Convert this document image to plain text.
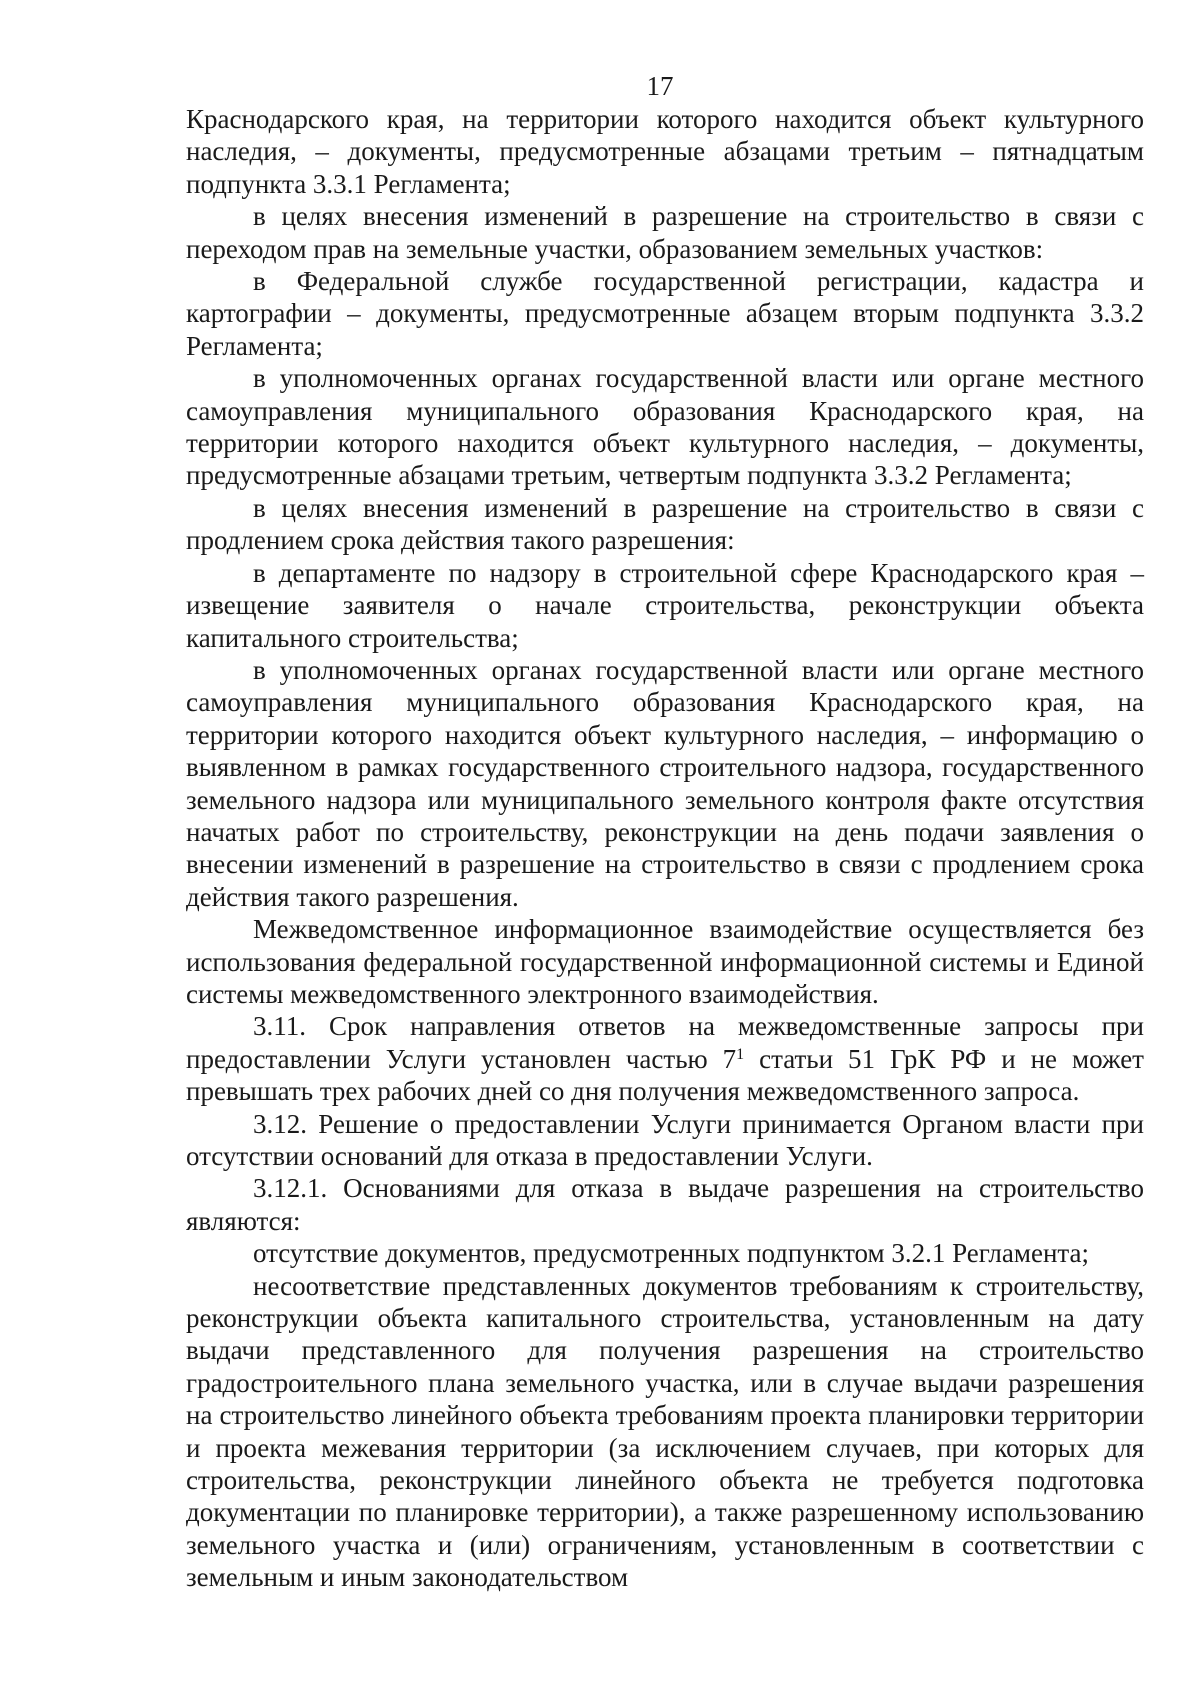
17

Краснодарского края, на территории которого находится объект культурного наследия, – документы, предусмотренные абзацами третьим – пятнадцатым подпункта 3.3.1 Регламента;

в целях внесения изменений в разрешение на строительство в связи с переходом прав на земельные участки, образованием земельных участков:

в Федеральной службе государственной регистрации, кадастра и картографии – документы, предусмотренные абзацем вторым подпункта 3.3.2 Регламента;

в уполномоченных органах государственной власти или органе местного самоуправления муниципального образования Краснодарского края, на территории которого находится объект культурного наследия, – документы, предусмотренные абзацами третьим, четвертым подпункта 3.3.2 Регламента;

в целях внесения изменений в разрешение на строительство в связи с продлением срока действия такого разрешения:

в департаменте по надзору в строительной сфере Краснодарского края – извещение заявителя о начале строительства, реконструкции объекта капитального строительства;

в уполномоченных органах государственной власти или органе местного самоуправления муниципального образования Краснодарского края, на территории которого находится объект культурного наследия, – информацию о выявленном в рамках государственного строительного надзора, государственного земельного надзора или муниципального земельного контроля факте отсутствия начатых работ по строительству, реконструкции на день подачи заявления о внесении изменений в разрешение на строительство в связи с продлением срока действия такого разрешения.

Межведомственное информационное взаимодействие осуществляется без использования федеральной государственной информационной системы и Единой системы межведомственного электронного взаимодействия.

3.11. Срок направления ответов на межведомственные запросы при предоставлении Услуги установлен частью $7^1$ статьи 51 ГрК РФ и не может превышать трех рабочих дней со дня получения межведомственного запроса.

3.12. Решение о предоставлении Услуги принимается Органом власти при отсутствии оснований для отказа в предоставлении Услуги.

3.12.1. Основаниями для отказа в выдаче разрешения на строительство являются:

отсутствие документов, предусмотренных подпунктом 3.2.1 Регламента;

несоответствие представленных документов требованиям к строительству, реконструкции объекта капитального строительства, установленным на дату выдачи представленного для получения разрешения на строительство градостроительного плана земельного участка, или в случае выдачи разрешения на строительство линейного объекта требованиям проекта планировки территории и проекта межевания территории (за исключением случаев, при которых для строительства, реконструкции линейного объекта не требуется подготовка документации по планировке территории), а также разрешенному использованию земельного участка и (или) ограничениям, установленным в соответствии с земельным и иным законодательством
